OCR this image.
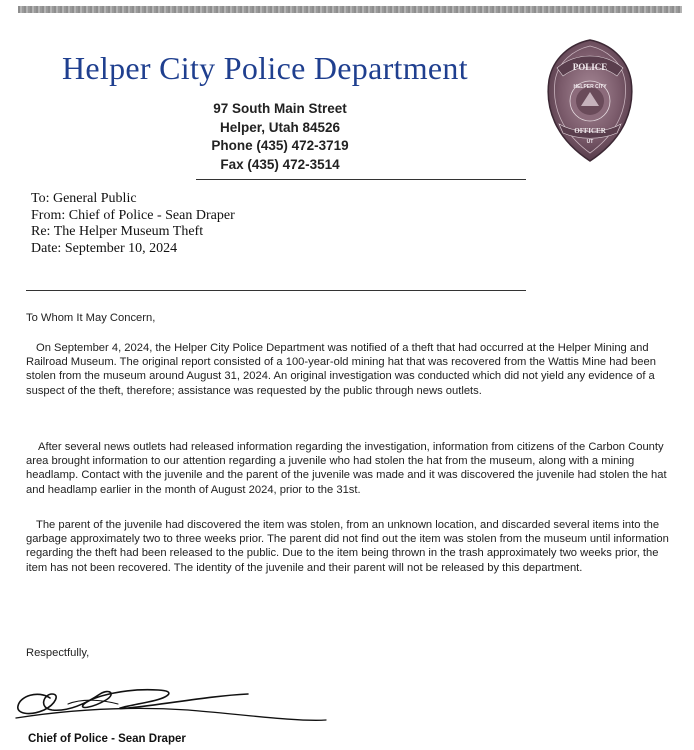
Helper City Police Department
97 South Main Street
Helper, Utah 84526
Phone (435) 472-3719
Fax (435) 472-3514
POLICE
HELPER CITY
UT
OFFICER
To: General Public
From: Chief of Police - Sean Draper
Re: The Helper Museum Theft
Date: September 10, 2024
To Whom It May Concern,
On September 4, 2024, the Helper City Police Department was notified of a theft that had occurred at the Helper Mining and Railroad Museum. The original report consisted of a 100-year-old mining hat that was recovered from the Wattis Mine had been stolen from the museum around August 31, 2024. An original investigation was conducted which did not yield any evidence of a suspect of the theft, therefore; assistance was requested by the public through news outlets.
After several news outlets had released information regarding the investigation, information from citizens of the Carbon County area brought information to our attention regarding a juvenile who had stolen the hat from the museum, along with a mining headlamp. Contact with the juvenile and the parent of the juvenile was made and it was discovered the juvenile had stolen the hat and headlamp earlier in the month of August 2024, prior to the 31st.
The parent of the juvenile had discovered the item was stolen, from an unknown location, and discarded several items into the garbage approximately two to three weeks prior. The parent did not find out the item was stolen from the museum until information regarding the theft had been released to the public. Due to the item being thrown in the trash approximately two weeks prior, the item has not been recovered. The identity of the juvenile and their parent will not be released by this department.
Respectfully,
Chief of Police - Sean Draper
